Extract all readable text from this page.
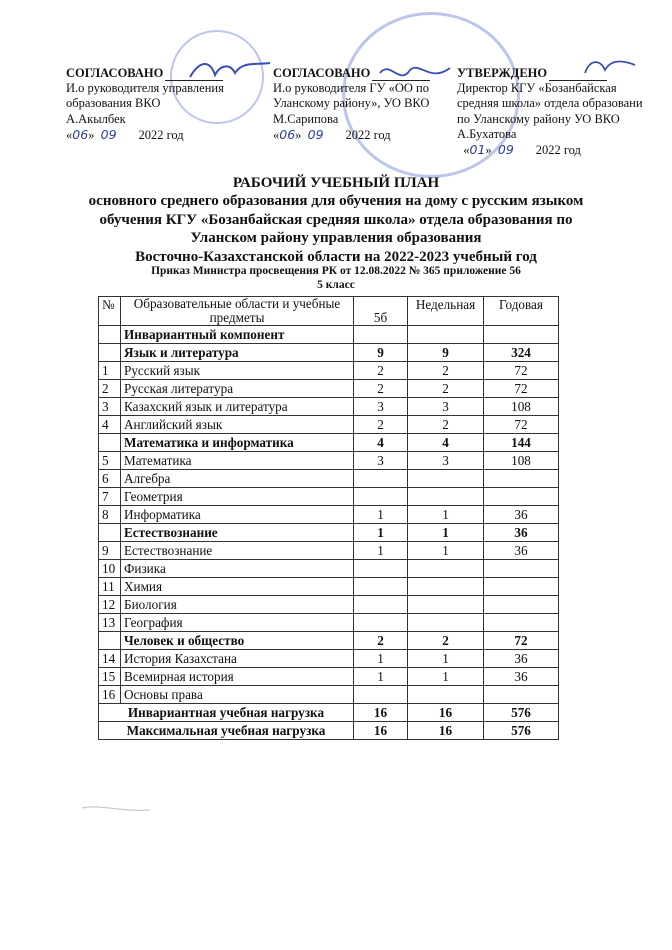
СОГЛАСОВАНО
И.о руководителя управления
образования ВКО
А.Акылбек
«06» 09 2022 год
СОГЛАСОВАНО
И.о руководителя ГУ «ОО по
Уланскому району», УО ВКО
М.Сарипова
«06» 09 2022 год
УТВЕРЖДЕНО
Директор КГУ «Бозанбайская
средняя школа» отдела образовани
по Уланскому району УО ВКО
А.Бухатова
«01» 09 2022 год
РАБОЧИЙ УЧЕБНЫЙ ПЛАН
основного среднего образования для обучения на дому с русским языком
обучения КГУ «Бозанбайская средняя школа» отдела образования по
Уланском району управления образования
Восточно-Казахстанской области на 2022-2023 учебный год
Приказ Министра просвещения РК от 12.08.2022 № 365 приложение 56
5 класс
№	Образовательные области и учебные предметы	5б	Недельная	Годовая
	Инвариантный компонент			
	Язык и литература	9	9	324
1	Русский язык	2	2	72
2	Русская литература	2	2	72
3	Казахский язык и литература	3	3	108
4	Английский язык	2	2	72
	Математика и информатика	4	4	144
5	Математика	3	3	108
6	Алгебра			
7	Геометрия			
8	Информатика	1	1	36
	Естествознание	1	1	36
9	Естествознание	1	1	36
10	Физика			
11	Химия			
12	Биология			
13	География			
	Человек и общество	2	2	72
14	История Казахстана	1	1	36
15	Всемирная история	1	1	36
16	Основы права			
Инвариантная учебная нагрузка		16	16	576
Максимальная учебная нагрузка		16	16	576
